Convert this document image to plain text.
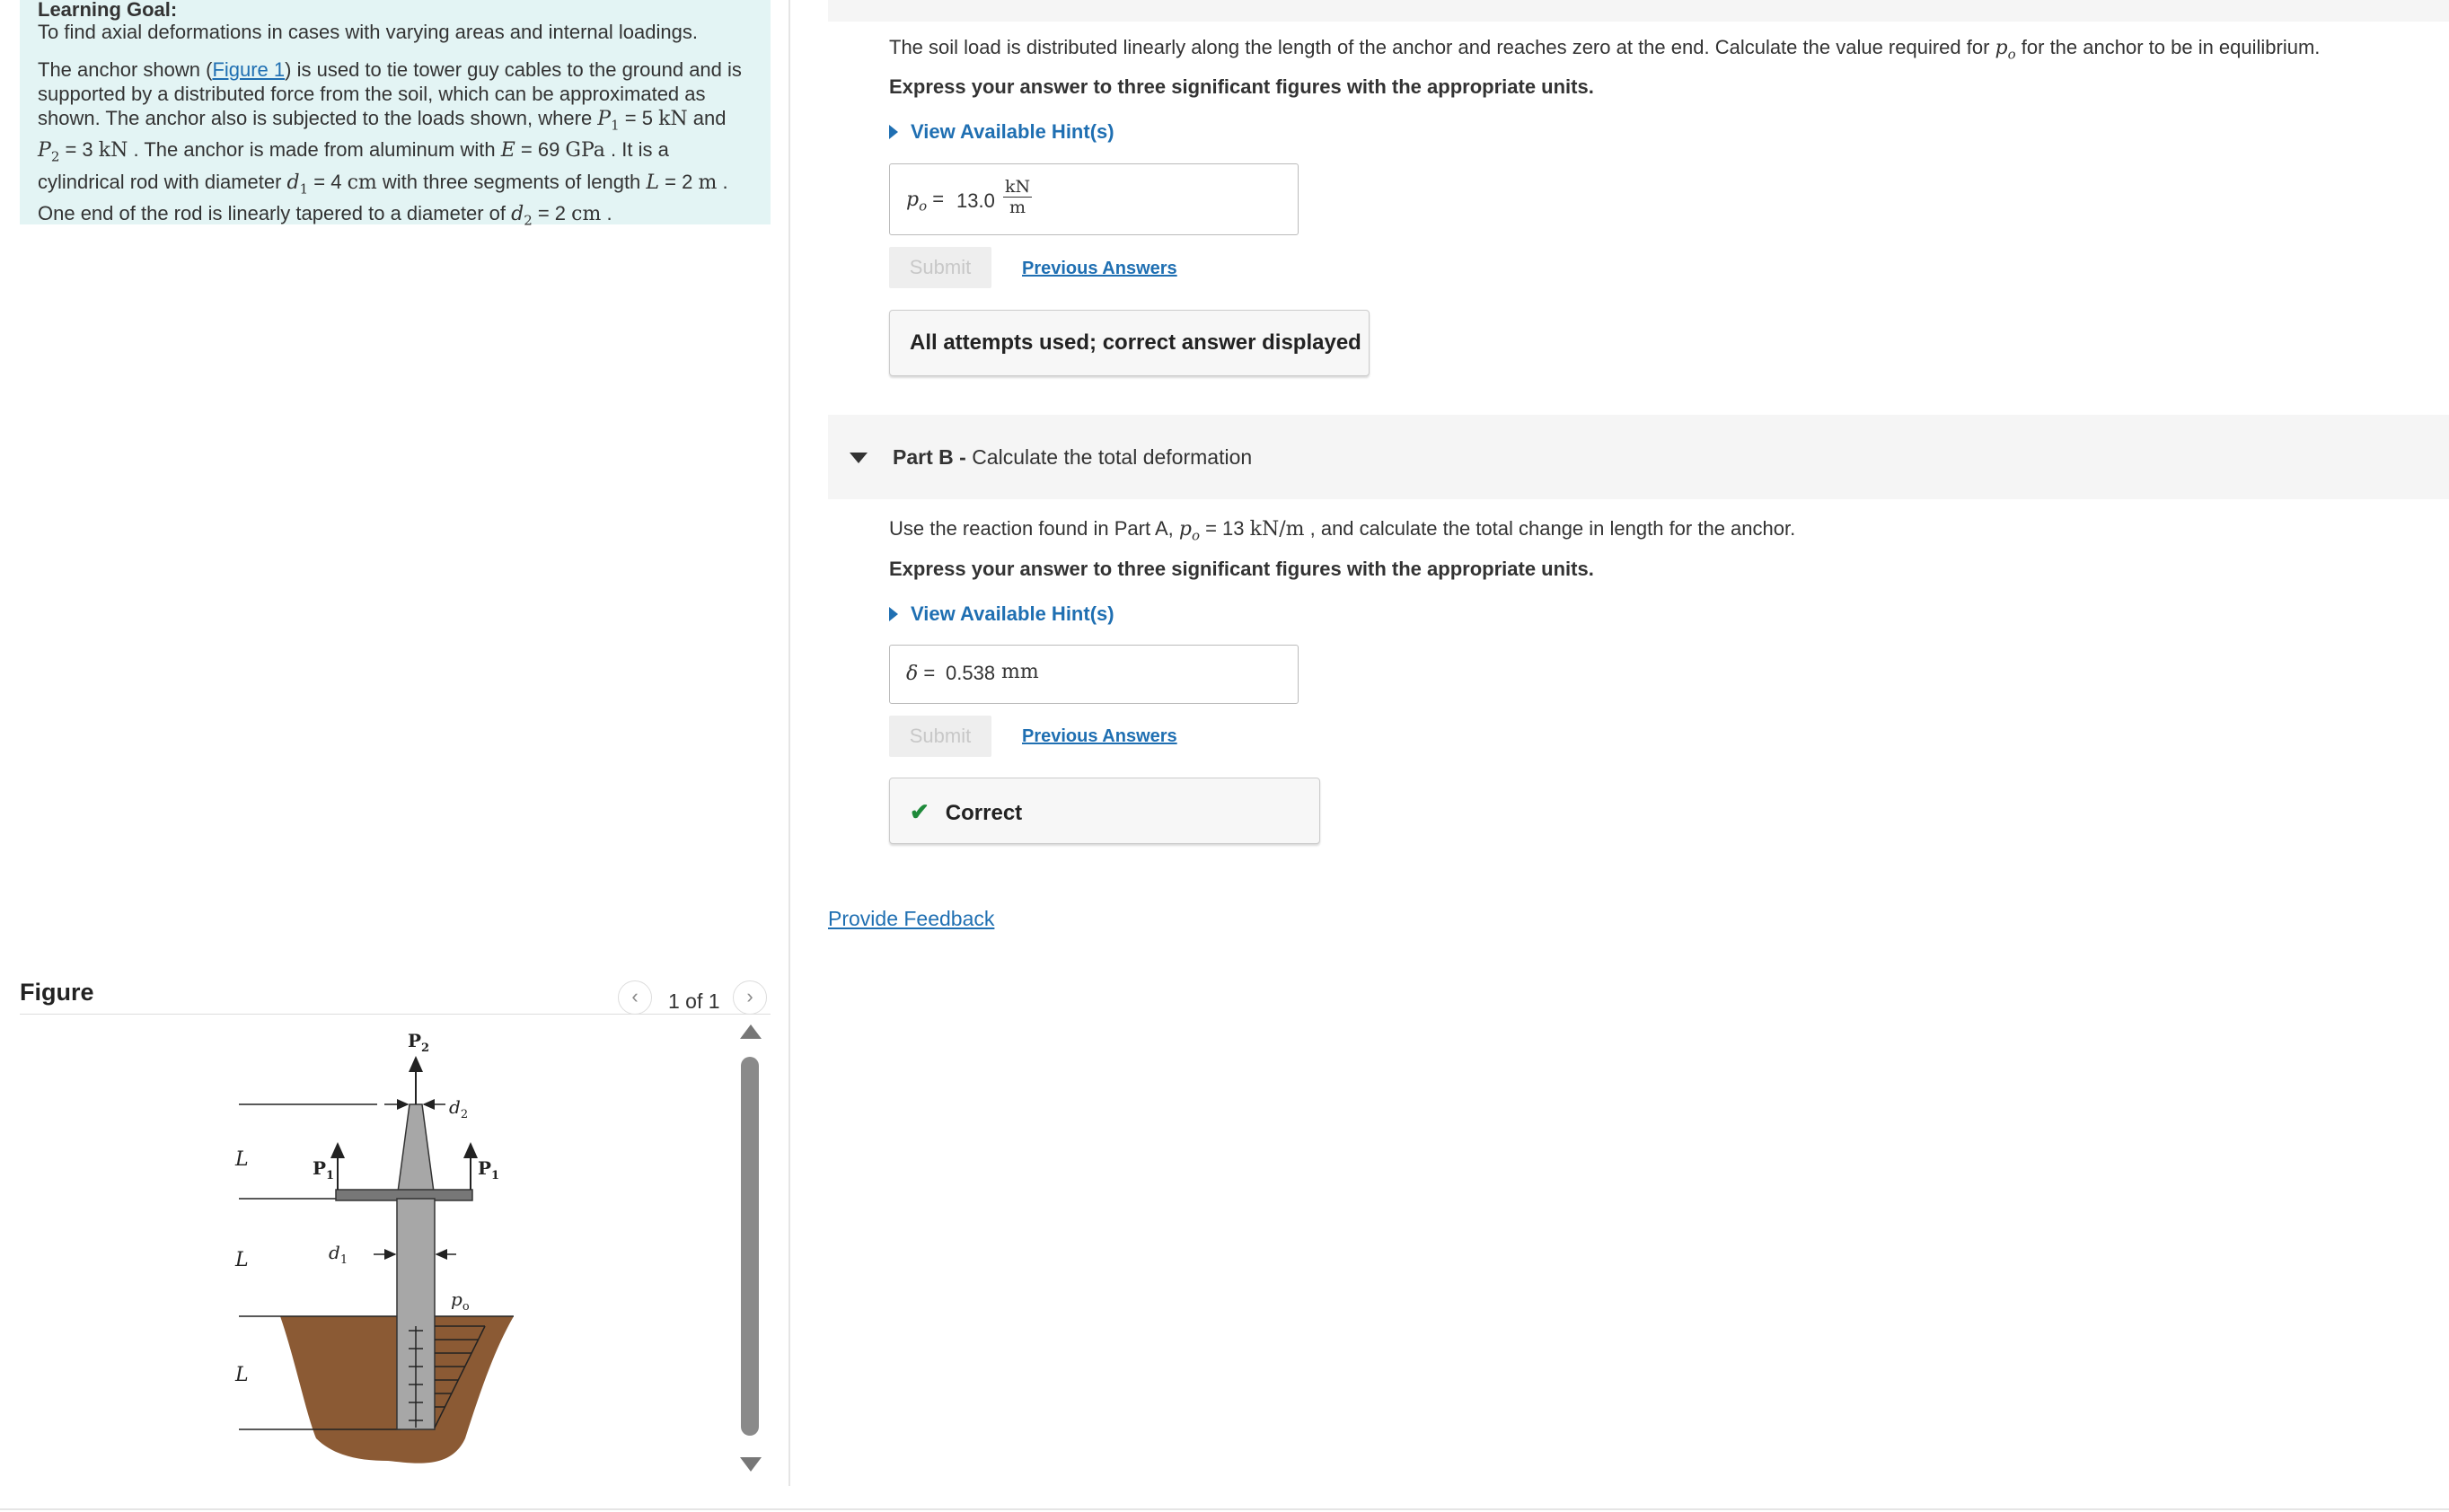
Learning Goal:
To find axial deformations in cases with varying areas and internal loadings.
The anchor shown (Figure 1) is used to tie tower guy cables to the ground and is
supported by a distributed force from the soil, which can be approximated as
shown. The anchor also is subjected to the loads shown, where $P_1 = 5$ kN and
$P_2 = 3$ kN . The anchor is made from aluminum with E = 69 GPa . It is a
cylindrical rod with diameter $d_1 = 4$ cm with three segments of length L = 2 m .
One end of the rod is linearly tapered to a diameter of $d_2 = 2$ cm .
Figure	‹	1 of 1	›
$P_2$
$d_2$
$P_1$	$P_1$
$d_1$
$p_o$
L
L
L
The soil load is distributed linearly along the length of the anchor and reaches zero at the end. Calculate the value required for $p_o$ for the anchor to be in equilibrium.
Express your answer to three significant figures with the appropriate units.
View Available Hint(s)
$p_o = 13.0$
kN
m
Submit	Previous Answers
All attempts used; correct answer displayed
Part B - Calculate the total deformation
Use the reaction found in Part A, $p_o = 13$ kN/m , and calculate the total change in length for the anchor.
Express your answer to three significant figures with the appropriate units.
View Available Hint(s)
δ = 0.538 mm
Submit	Previous Answers
✔ Correct
Provide Feedback
